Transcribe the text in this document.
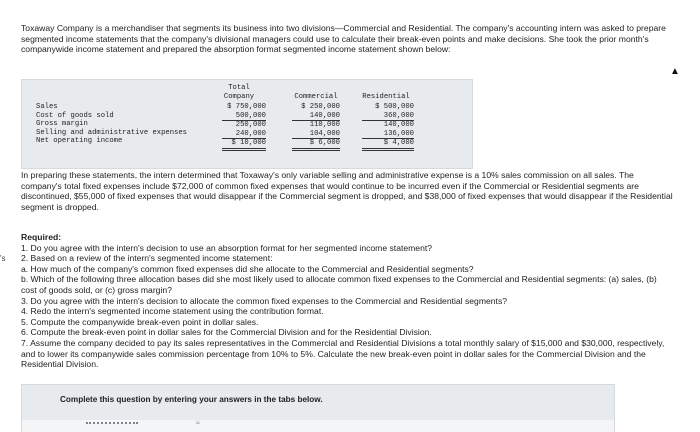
's

Toxaway Company is a merchandiser that segments its business into two divisions—Commercial and Residential. The company's accounting intern was asked to prepare segmented income statements that the company's divisional managers could use to calculate their break-even points and make decisions. She took the prior month's companywide income statement and prepared the absorption format segmented income statement shown below:

Total
Company	Commercial	Residential
Sales
Cost of goods sold
Gross margin
Selling and administrative expenses
Net operating income
$ 750,000
500,000
250,000
240,000
$ 10,000
$ 250,000
140,000
110,000
104,000
$ 6,000
$ 500,000
360,000
140,000
136,000
$ 4,000

In preparing these statements, the intern determined that Toxaway's only variable selling and administrative expense is a 10% sales commission on all sales. The company's total fixed expenses include $72,000 of common fixed expenses that would continue to be incurred even if the Commercial or Residential segments are discontinued, $55,000 of fixed expenses that would disappear if the Commercial segment is dropped, and $38,000 of fixed expenses that would disappear if the Residential segment is dropped.

Required:
1. Do you agree with the intern's decision to use an absorption format for her segmented income statement?
2. Based on a review of the intern's segmented income statement:
a. How much of the company's common fixed expenses did she allocate to the Commercial and Residential segments?
b. Which of the following three allocation bases did she most likely used to allocate common fixed expenses to the Commercial and Residential segments: (a) sales, (b) cost of goods sold, or (c) gross margin?
3. Do you agree with the intern's decision to allocate the common fixed expenses to the Commercial and Residential segments?
4. Redo the intern's segmented income statement using the contribution format.
5. Compute the companywide break-even point in dollar sales.
6. Compute the break-even point in dollar sales for the Commercial Division and for the Residential Division.
7. Assume the company decided to pay its sales representatives in the Commercial and Residential Divisions a total monthly salary of $15,000 and $30,000, respectively, and to lower its companywide sales commission percentage from 10% to 5%. Calculate the new break-even point in dollar sales for the Commercial Division and the Residential Division.
▲
Complete this question by entering your answers in the tabs below.
≈
